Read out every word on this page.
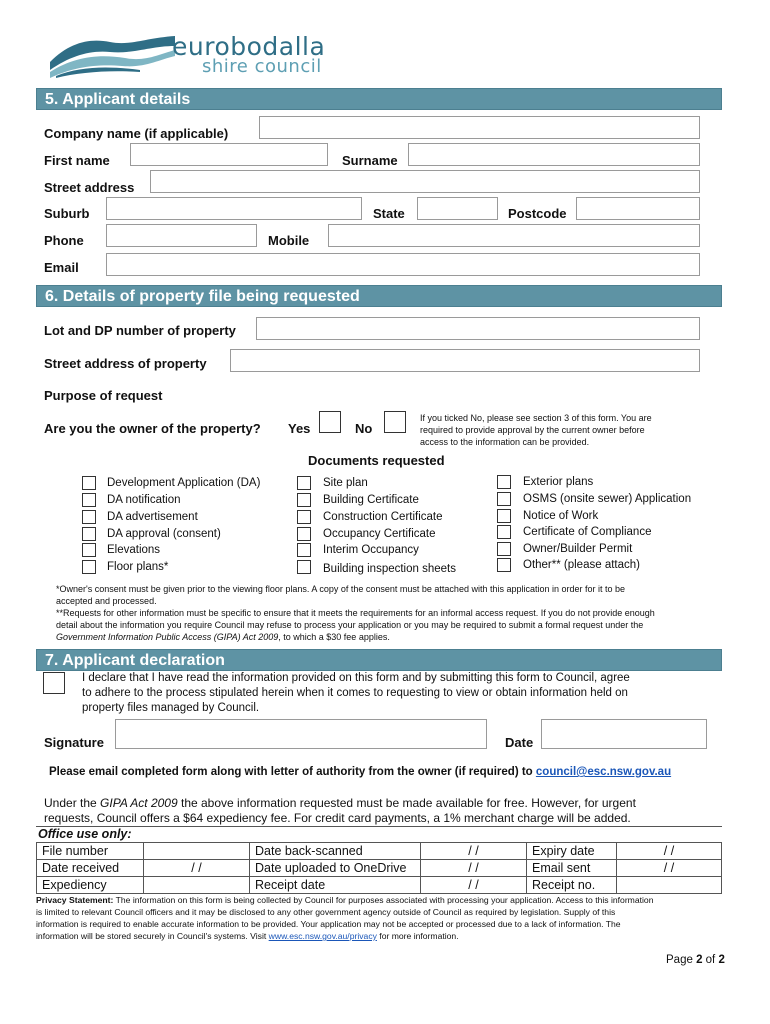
eurobodalla
shire council
5. Applicant details
Company name (if applicable)
First name	Surname
Street address
Suburb	State	Postcode
Phone	Mobile
Email
6. Details of property file being requested
Lot and DP number of property
Street address of property
Purpose of request
Are you the owner of the property? Yes	No
If you ticked No, please see section 3 of this form. You are
required to provide approval by the current owner before
access to the information can be provided.
Documents requested
Development Application (DA)
DA notification
DA advertisement
DA approval (consent)
Elevations
Floor plans*
Site plan
Building Certificate
Construction Certificate
Occupancy Certificate
Interim Occupancy
Building inspection sheets
Exterior plans
OSMS (onsite sewer) Application
Notice of Work
Certificate of Compliance
Owner/Builder Permit
Other** (please attach)
*Owner's consent must be given prior to the viewing floor plans. A copy of the consent must be attached with this application in order for it to be
accepted and processed.
**Requests for other information must be specific to ensure that it meets the requirements for an informal access request. If you do not provide enough
detail about the information you require Council may refuse to process your application or you may be required to submit a formal request under the
Government Information Public Access (GIPA) Act 2009, to which a $30 fee applies.
7. Applicant declaration
I declare that I have read the information provided on this form and by submitting this form to Council, agree
to adhere to the process stipulated herein when it comes to requesting to view or obtain information held on
property files managed by Council.
Signature	Date
Please email completed form along with letter of authority from the owner (if required) to council@esc.nsw.gov.au
Under the GIPA Act 2009 the above information requested must be made available for free. However, for urgent
requests, Council offers a $64 expediency fee. For credit card payments, a 1% merchant charge will be added.
Office use only:
File number		Date back-scanned	/ /	Expiry date	/ /
Date received	/ /	Date uploaded to OneDrive	/ /	Email sent	/ /
Expediency		Receipt date	/ /	Receipt no.	
Privacy Statement: The information on this form is being collected by Council for purposes associated with processing your application. Access to this information
is limited to relevant Council officers and it may be disclosed to any other government agency outside of Council as required by legislation. Supply of this
information is required to enable accurate information to be provided. Your application may not be accepted or processed due to a lack of information. The
information will be stored securely in Council's systems. Visit www.esc.nsw.gov.au/privacy for more information.
Page 2 of 2
